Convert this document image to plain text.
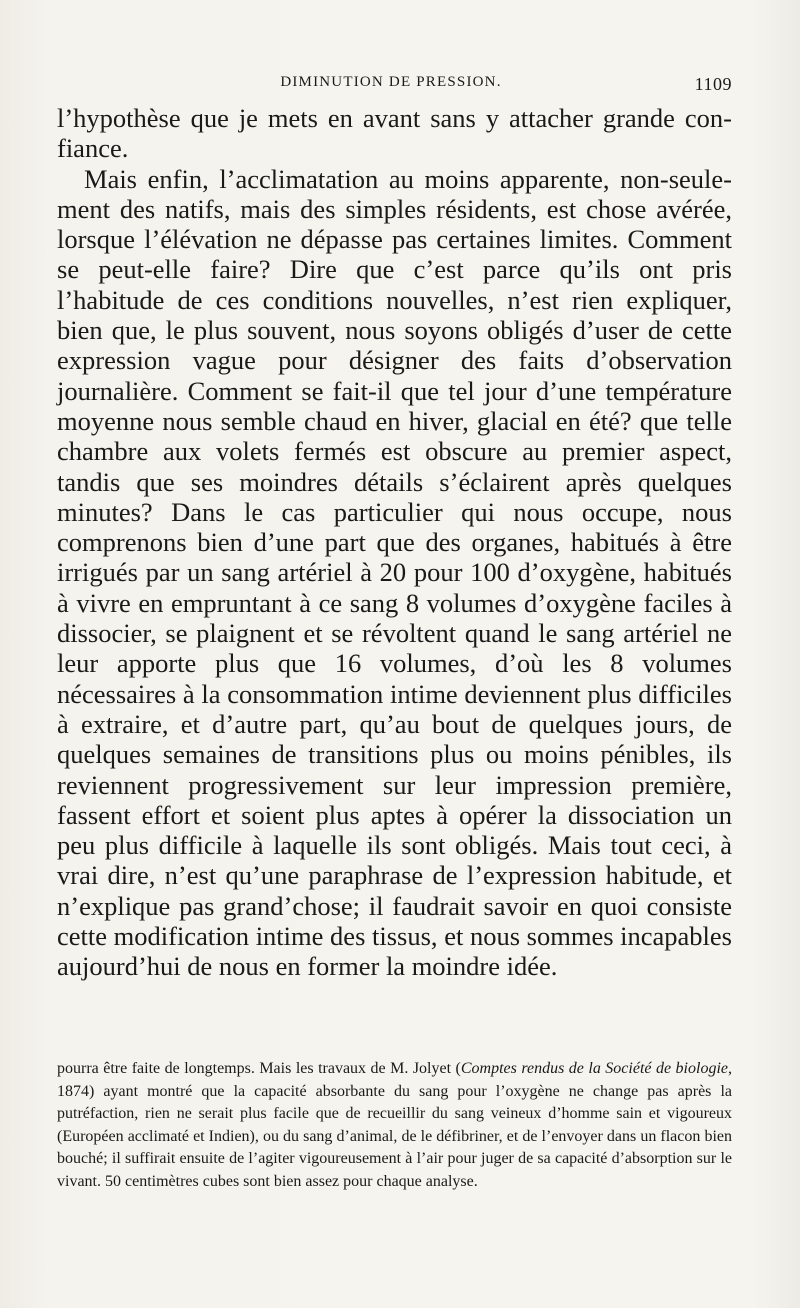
DIMINUTION DE PRESSION.	1109

l’hypothèse que je mets en avant sans y attacher grande confiance.

Mais enfin, l’acclimatation au moins apparente, non-seulement des natifs, mais des simples résidents, est chose avérée, lorsque l’élévation ne dépasse pas certaines limites. Comment se peut-elle faire? Dire que c’est parce qu’ils ont pris l’habitude de ces conditions nouvelles, n’est rien expliquer, bien que, le plus souvent, nous soyons obligés d’user de cette expression vague pour désigner des faits d’observation journalière. Comment se fait-il que tel jour d’une température moyenne nous semble chaud en hiver, glacial en été? que telle chambre aux volets fermés est obscure au premier aspect, tandis que ses moindres détails s’éclairent après quelques minutes? Dans le cas particulier qui nous occupe, nous comprenons bien d’une part que des organes, habitués à être irrigués par un sang artériel à 20 pour 100 d’oxygène, habitués à vivre en empruntant à ce sang 8 volumes d’oxygène faciles à dissocier, se plaignent et se révoltent quand le sang artériel ne leur apporte plus que 16 volumes, d’où les 8 volumes nécessaires à la consommation intime deviennent plus difficiles à extraire, et d’autre part, qu’au bout de quelques jours, de quelques semaines de transitions plus ou moins pénibles, ils reviennent progressivement sur leur impression première, fassent effort et soient plus aptes à opérer la dissociation un peu plus difficile à laquelle ils sont obligés. Mais tout ceci, à vrai dire, n’est qu’une paraphrase de l’expression habitude, et n’explique pas grand’chose; il faudrait savoir en quoi consiste cette modification intime des tissus, et nous sommes incapables aujourd’hui de nous en former la moindre idée.

pourra être faite de longtemps. Mais les travaux de M. Jolyet (Comptes rendus de la Société de biologie, 1874) ayant montré que la capacité absorbante du sang pour l’oxygène ne change pas après la putréfaction, rien ne serait plus facile que de recueillir du sang veineux d’homme sain et vigoureux (Européen acclimaté et Indien), ou du sang d’animal, de le défibriner, et de l’envoyer dans un flacon bien bouché; il suffirait ensuite de l’agiter vigoureusement à l’air pour juger de sa capacité d’absorption sur le vivant. 50 centimètres cubes sont bien assez pour chaque analyse.
